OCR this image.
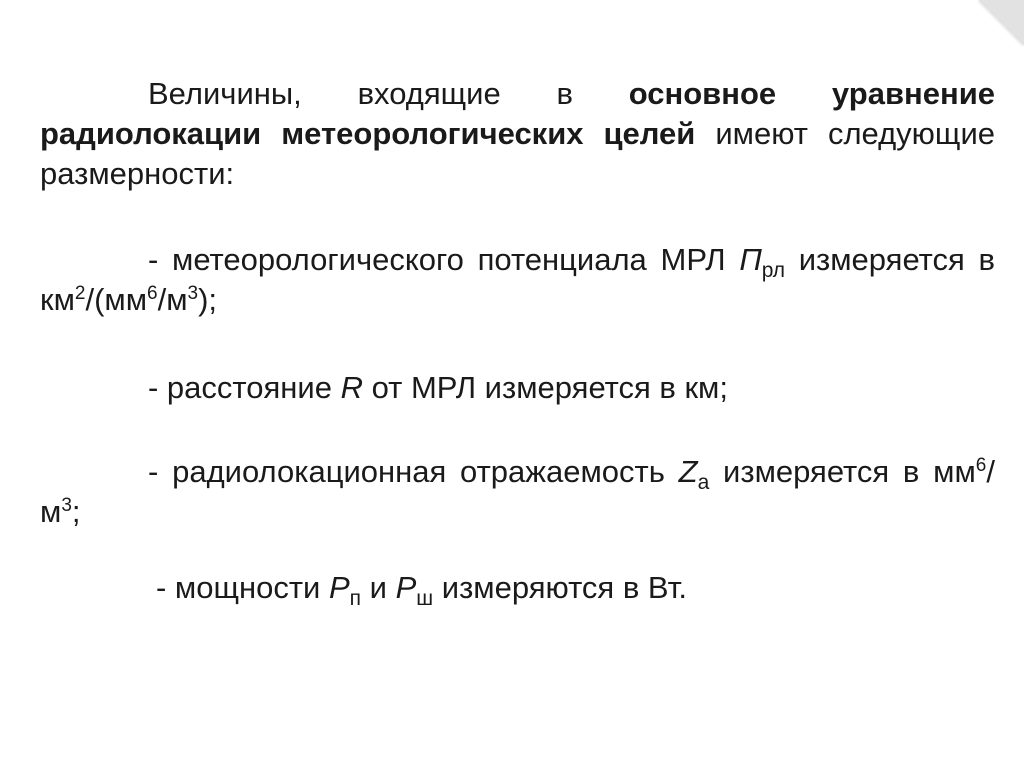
Величины, входящие в основное уравнение радиолокации метеорологических целей имеют следующие размерности:

- метеорологического потенциала МРЛ $П_{рл}$ измеряется в $км^2/(мм^6/м^3)$;

- расстояние R от МРЛ измеряется в км;

- радиолокационная отражаемость $Z_a$ измеряется в $мм^6/м^3$;

- мощности $P_п$ и $P_ш$ измеряются в Вт.
